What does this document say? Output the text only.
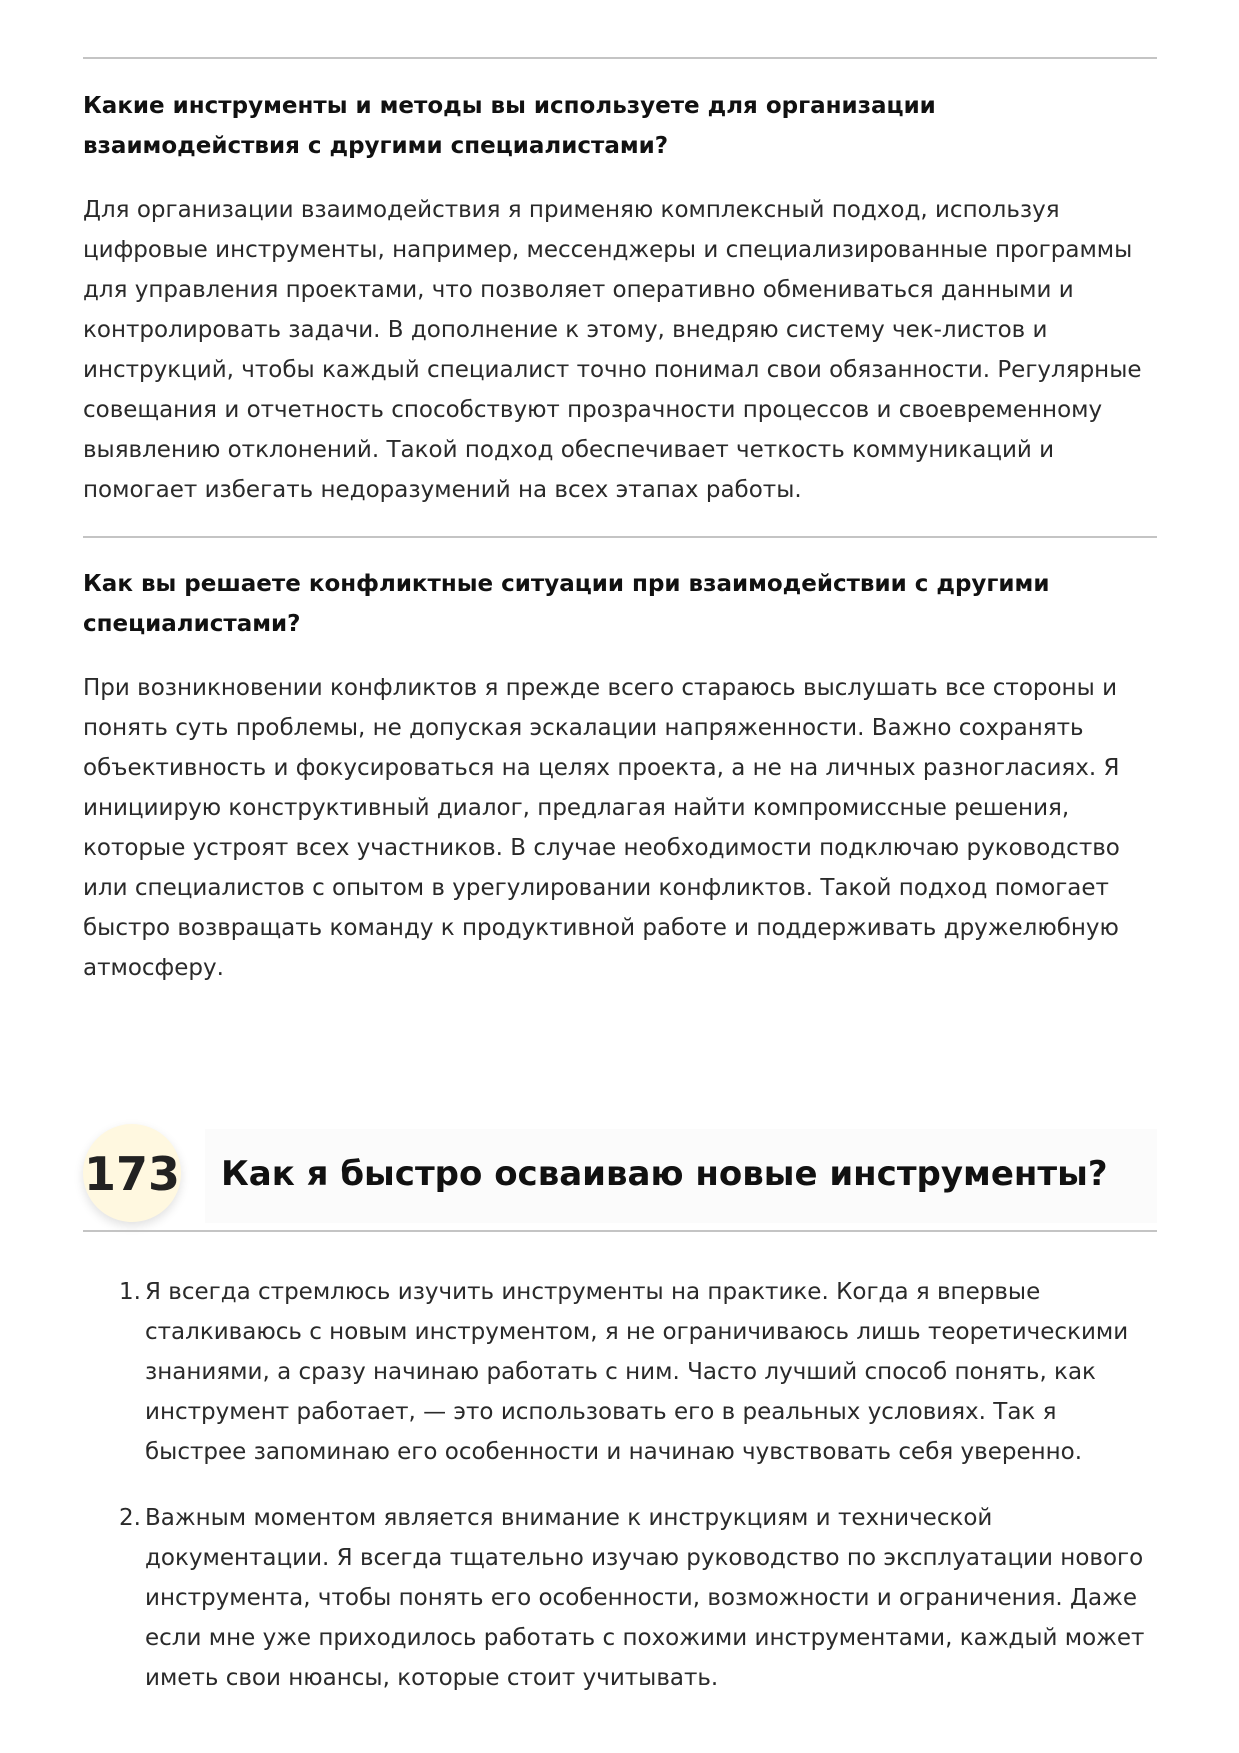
Какие инструменты и методы вы используете для организации взаимодействия с другими специалистами?
Для организации взаимодействия я применяю комплексный подход, используя цифровые инструменты, например, мессенджеры и специализированные программы для управления проектами, что позволяет оперативно обмениваться данными и контролировать задачи. В дополнение к этому, внедряю систему чек-листов и инструкций, чтобы каждый специалист точно понимал свои обязанности. Регулярные совещания и отчетность способствуют прозрачности процессов и своевременному выявлению отклонений. Такой подход обеспечивает четкость коммуникаций и помогает избегать недоразумений на всех этапах работы.
Как вы решаете конфликтные ситуации при взаимодействии с другими специалистами?
При возникновении конфликтов я прежде всего стараюсь выслушать все стороны и понять суть проблемы, не допуская эскалации напряженности. Важно сохранять объективность и фокусироваться на целях проекта, а не на личных разногласиях. Я инициирую конструктивный диалог, предлагая найти компромиссные решения, которые устроят всех участников. В случае необходимости подключаю руководство или специалистов с опытом в урегулировании конфликтов. Такой подход помогает быстро возвращать команду к продуктивной работе и поддерживать дружелюбную атмосферу.
173 Как я быстро осваиваю новые инструменты?
1. Я всегда стремлюсь изучить инструменты на практике. Когда я впервые сталкиваюсь с новым инструментом, я не ограничиваюсь лишь теоретическими знаниями, а сразу начинаю работать с ним. Часто лучший способ понять, как инструмент работает, — это использовать его в реальных условиях. Так я быстрее запоминаю его особенности и начинаю чувствовать себя уверенно.
2. Важным моментом является внимание к инструкциям и технической документации. Я всегда тщательно изучаю руководство по эксплуатации нового инструмента, чтобы понять его особенности, возможности и ограничения. Даже если мне уже приходилось работать с похожими инструментами, каждый может иметь свои нюансы, которые стоит учитывать.
